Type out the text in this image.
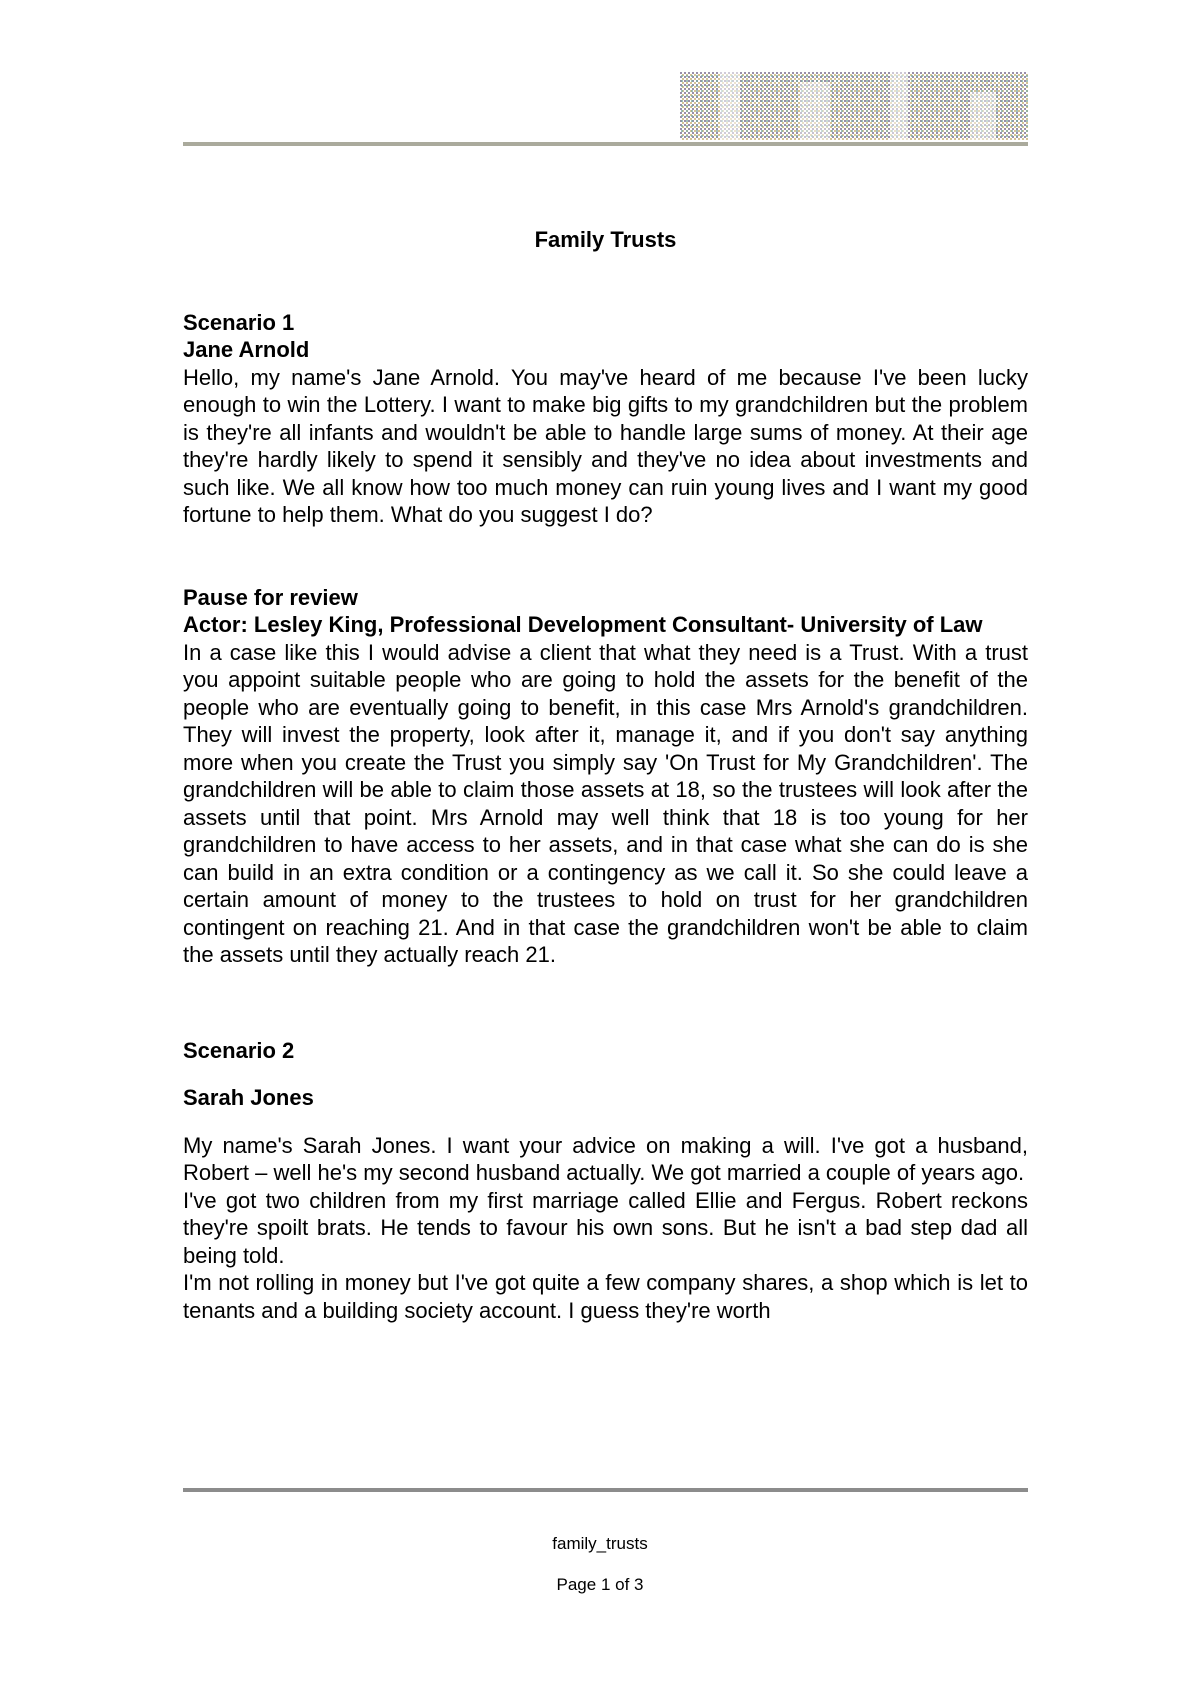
Family Trusts

Scenario 1

Jane Arnold

Hello, my name's Jane Arnold. You may've heard of me because I've been lucky enough to win the Lottery. I want to make big gifts to my grandchildren but the problem is they're all infants and wouldn't be able to handle large sums of money. At their age they're hardly likely to spend it sensibly and they've no idea about investments and such like. We all know how too much money can ruin young lives and I want my good fortune to help them. What do you suggest I do?

Pause for review

Actor: Lesley King, Professional Development Consultant- University of Law

In a case like this I would advise a client that what they need is a Trust. With a trust you appoint suitable people who are going to hold the assets for the benefit of the people who are eventually going to benefit, in this case Mrs Arnold's grandchildren. They will invest the property, look after it, manage it, and if you don't say anything more when you create the Trust you simply say 'On Trust for My Grandchildren'. The grandchildren will be able to claim those assets at 18, so the trustees will look after the assets until that point. Mrs Arnold may well think that 18 is too young for her grandchildren to have access to her assets, and in that case what she can do is she can build in an extra condition or a contingency as we call it. So she could leave a certain amount of money to the trustees to hold on trust for her grandchildren contingent on reaching 21. And in that case the grandchildren won't be able to claim the assets until they actually reach 21.

Scenario 2

Sarah Jones

My name's Sarah Jones. I want your advice on making a will. I've got a husband, Robert – well he's my second husband actually. We got married a couple of years ago.

I've got two children from my first marriage called Ellie and Fergus. Robert reckons they're spoilt brats. He tends to favour his own sons. But he isn't a bad step dad all being told.

I'm not rolling in money but I've got quite a few company shares, a shop which is let to tenants and a building society account. I guess they're worth

family_trusts
Page 1 of 3
